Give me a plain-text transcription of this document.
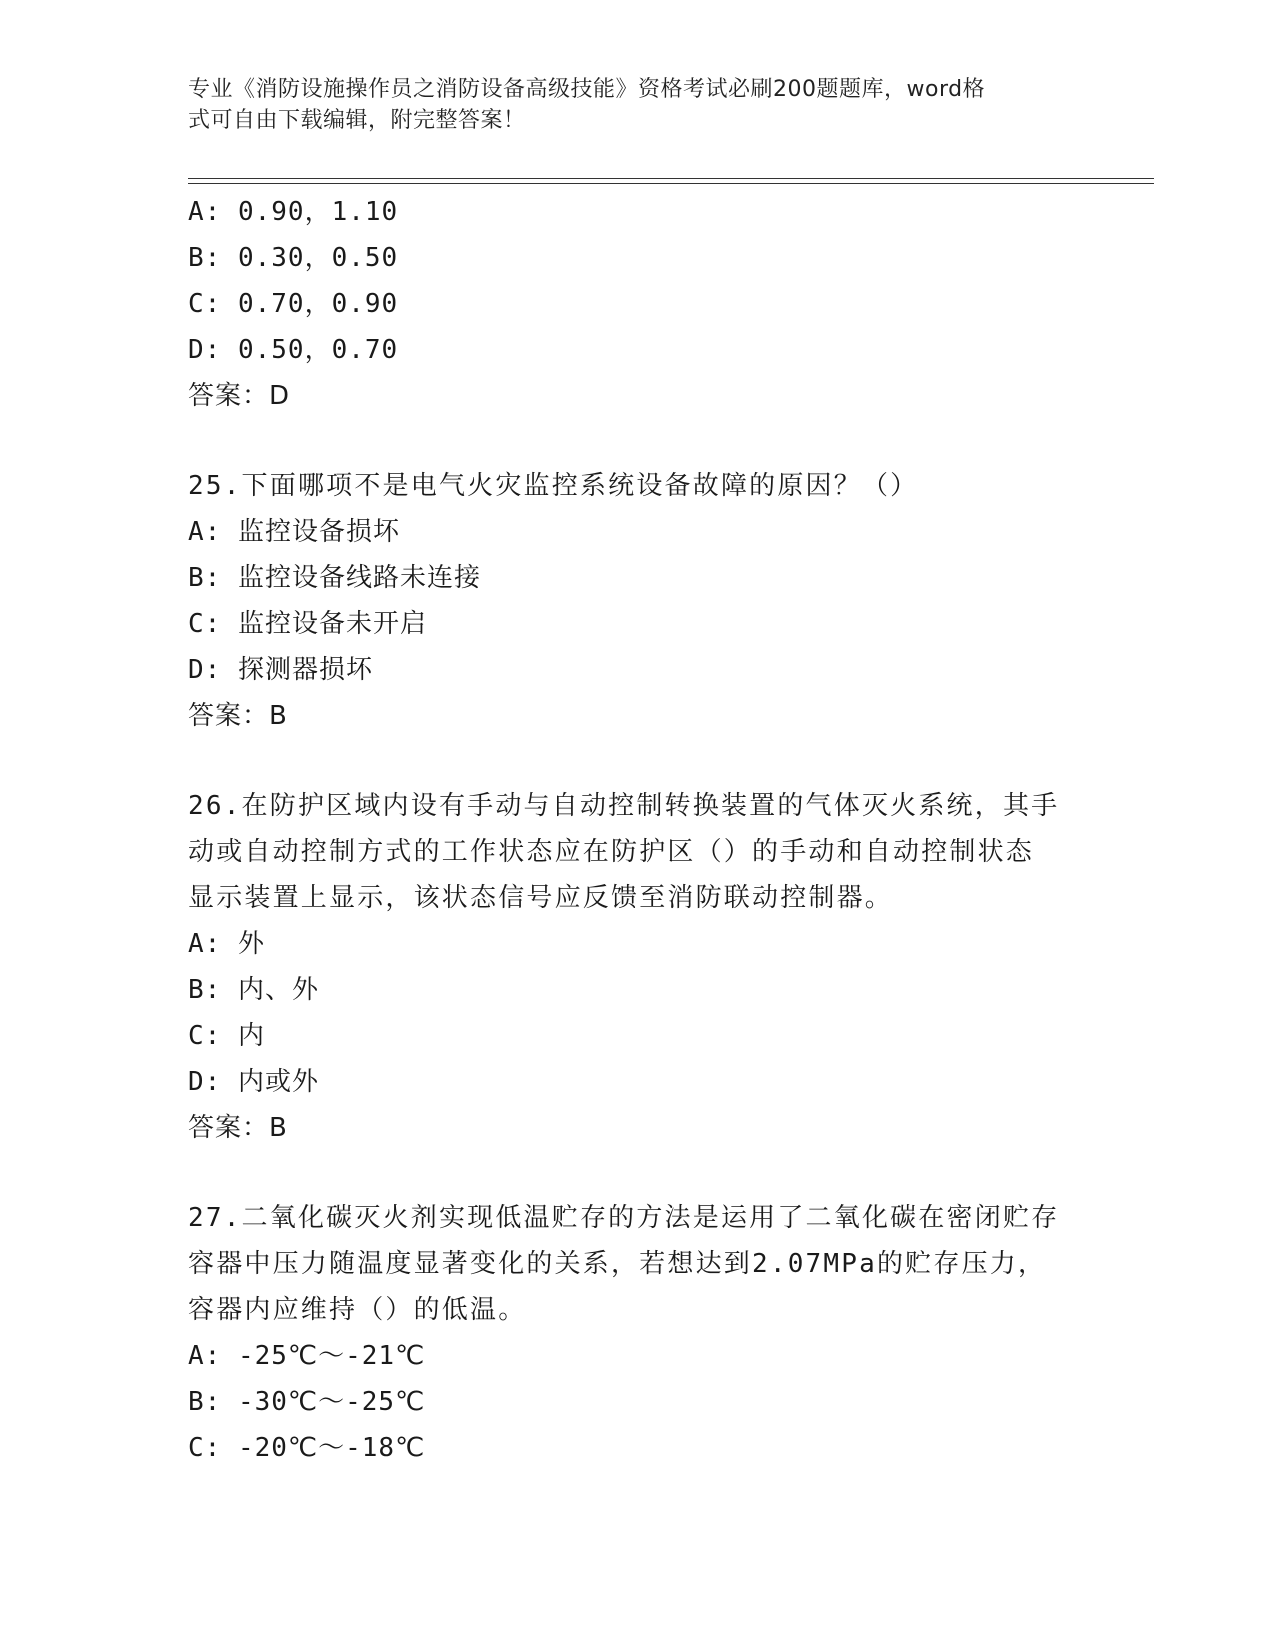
专业《消防设施操作员之消防设备高级技能》资格考试必刷200题题库，word格
式可自由下载编辑，附完整答案！
A: 0.90，1.10
B: 0.30，0.50
C: 0.70，0.90
D: 0.50，0.70
答案：D
25.下面哪项不是电气火灾监控系统设备故障的原因？（）
A: 监控设备损坏
B: 监控设备线路未连接
C: 监控设备未开启
D: 探测器损坏
答案：B
26.在防护区域内设有手动与自动控制转换装置的气体灭火系统，其手
动或自动控制方式的工作状态应在防护区（）的手动和自动控制状态
显示装置上显示，该状态信号应反馈至消防联动控制器。
A: 外
B: 内、外
C: 内
D: 内或外
答案：B
27.二氧化碳灭火剂实现低温贮存的方法是运用了二氧化碳在密闭贮存
容器中压力随温度显著变化的关系，若想达到2.07MPa的贮存压力，
容器内应维持（）的低温。
A: -25℃～-21℃
B: -30℃～-25℃
C: -20℃～-18℃
